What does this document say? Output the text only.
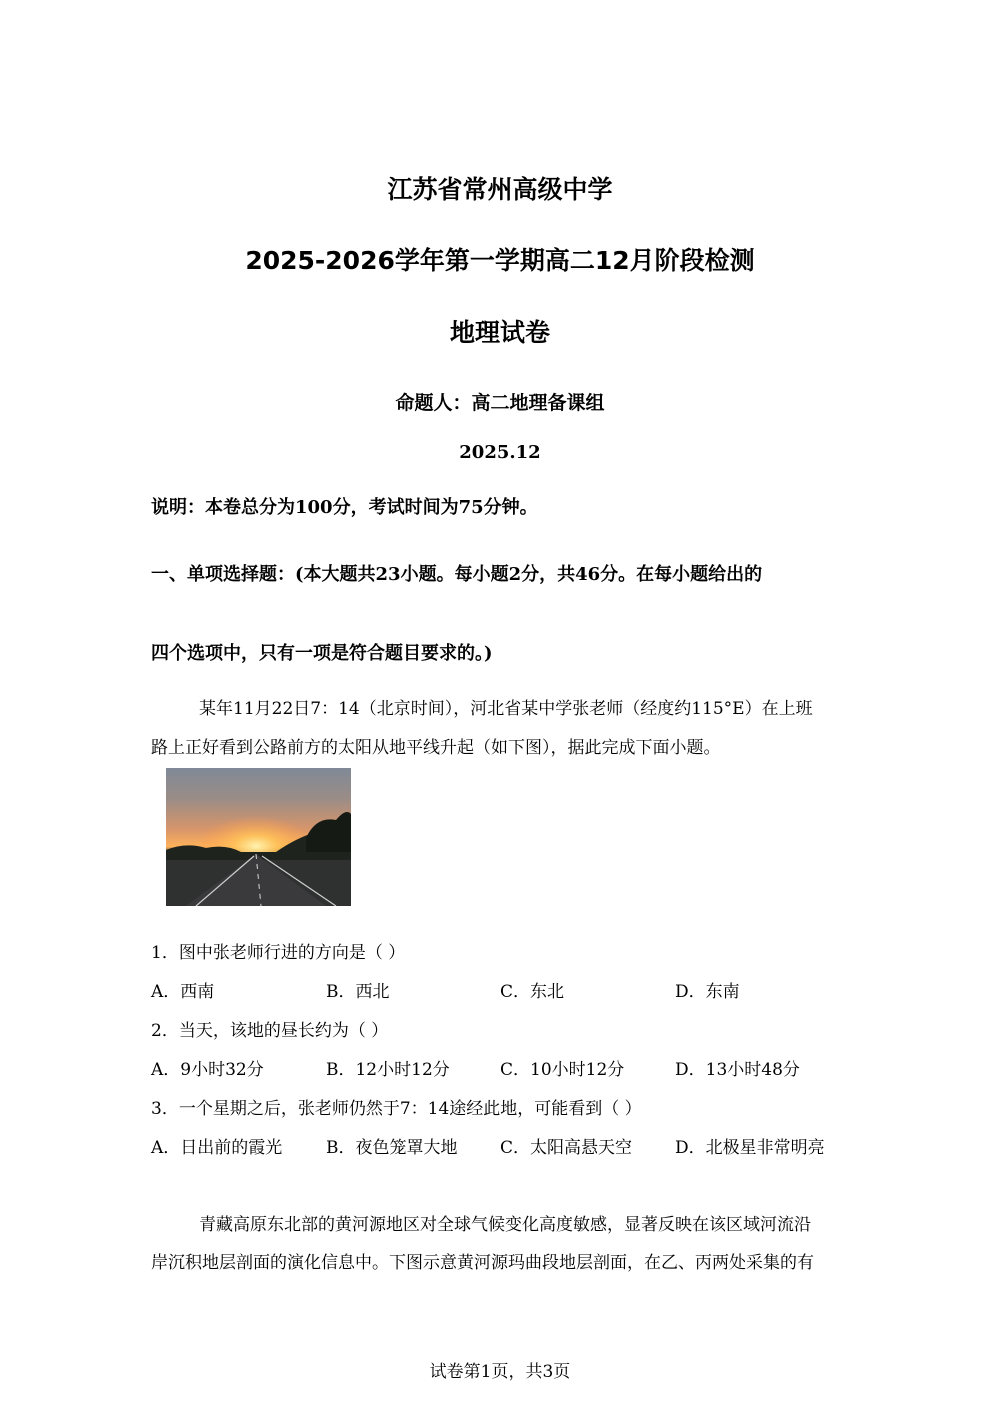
江苏省常州高级中学
2025-2026学年第一学期高二12月阶段检测
地理试卷
命题人：高二地理备课组
2025.12
说明：本卷总分为100分，考试时间为75分钟。
一、单项选择题：(本大题共23小题。每小题2分，共46分。在每小题给出的
四个选项中，只有一项是符合题目要求的。)
某年11月22日7：14（北京时间），河北省某中学张老师（经度约115°E）在上班
路上正好看到公路前方的太阳从地平线升起（如下图），据此完成下面小题。
1．图中张老师行进的方向是（ ）
A．西南	B．西北	C．东北	D．东南
2．当天，该地的昼长约为（ ）
A．9小时32分	B．12小时12分	C．10小时12分	D．13小时48分
3．一个星期之后，张老师仍然于7：14途经此地，可能看到（ ）
A．日出前的霞光	B．夜色笼罩大地	C．太阳高悬天空	D．北极星非常明亮
青藏高原东北部的黄河源地区对全球气候变化高度敏感，显著反映在该区域河流沿
岸沉积地层剖面的演化信息中。下图示意黄河源玛曲段地层剖面，在乙、丙两处采集的有
试卷第1页，共3页
